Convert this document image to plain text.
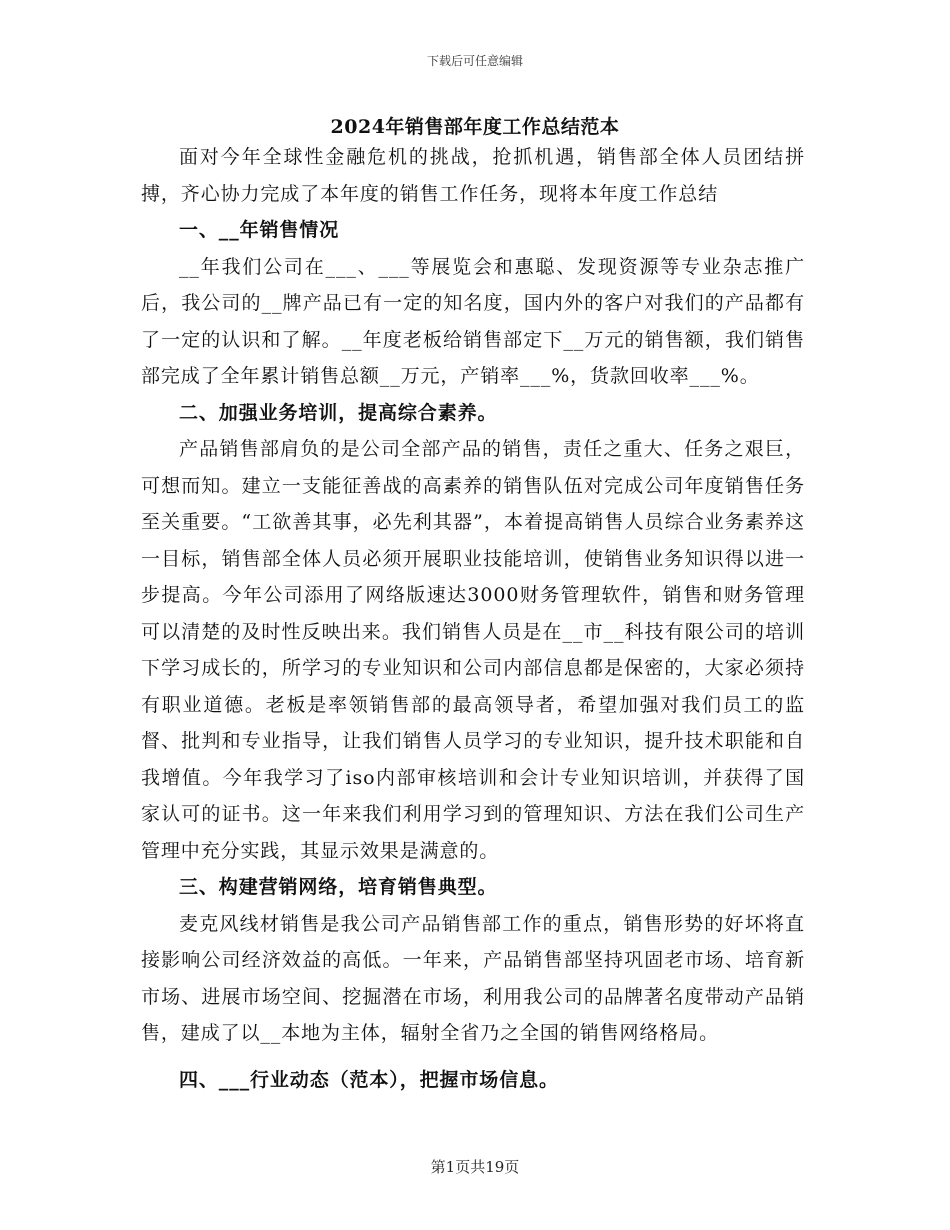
下载后可任意编辑
2024年销售部年度工作总结范本

面对今年全球性金融危机的挑战，抢抓机遇，销售部全体人员团结拼搏，齐心协力完成了本年度的销售工作任务，现将本年度工作总结

一、__年销售情况

__年我们公司在___、___等展览会和惠聪、发现资源等专业杂志推广后，我公司的__牌产品已有一定的知名度，国内外的客户对我们的产品都有了一定的认识和了解。__年度老板给销售部定下__万元的销售额，我们销售部完成了全年累计销售总额__万元，产销率___%，货款回收率___%。

二、加强业务培训，提高综合素养。

产品销售部肩负的是公司全部产品的销售，责任之重大、任务之艰巨，可想而知。建立一支能征善战的高素养的销售队伍对完成公司年度销售任务至关重要。“工欲善其事，必先利其器”，本着提高销售人员综合业务素养这一目标，销售部全体人员必须开展职业技能培训，使销售业务知识得以进一步提高。今年公司添用了网络版速达3000财务管理软件，销售和财务管理可以清楚的及时性反映出来。我们销售人员是在__市__科技有限公司的培训下学习成长的，所学习的专业知识和公司内部信息都是保密的，大家必须持有职业道德。老板是率领销售部的最高领导者，希望加强对我们员工的监督、批判和专业指导，让我们销售人员学习的专业知识，提升技术职能和自我增值。今年我学习了iso内部审核培训和会计专业知识培训，并获得了国家认可的证书。这一年来我们利用学习到的管理知识、方法在我们公司生产管理中充分实践，其显示效果是满意的。

三、构建营销网络，培育销售典型。

麦克风线材销售是我公司产品销售部工作的重点，销售形势的好坏将直接影响公司经济效益的高低。一年来，产品销售部坚持巩固老市场、培育新市场、进展市场空间、挖掘潜在市场，利用我公司的品牌著名度带动产品销售，建成了以__本地为主体，辐射全省乃之全国的销售网络格局。

四、___行业动态（范本），把握市场信息。

第1页共19页
